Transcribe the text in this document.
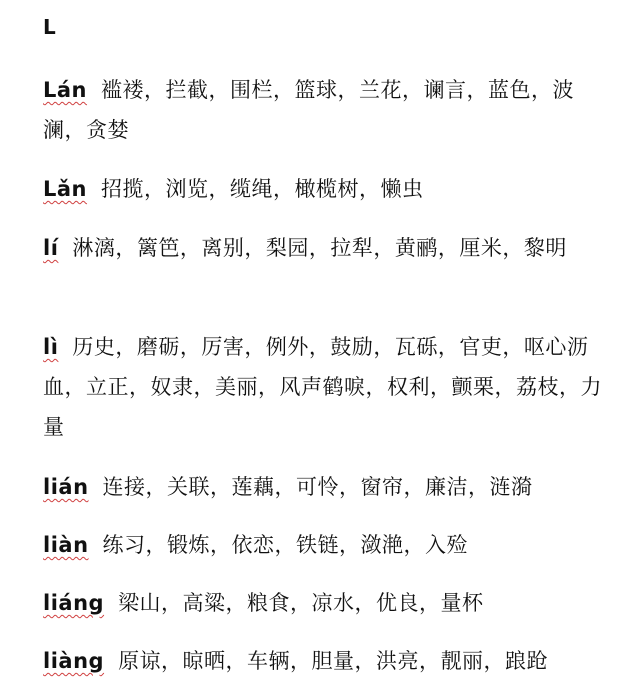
L
Lán 褴褛，拦截，围栏，篮球，兰花，谰言，蓝色，波澜，贪婪
Lǎn 招揽，浏览，缆绳，橄榄树，懒虫
lí 淋漓，篱笆，离别，梨园，拉犁，黄鹂，厘米，黎明
lì 历史，磨砺，厉害，例外，鼓励，瓦砾，官吏，呕心沥血，立正，奴隶，美丽，风声鹤唳，权利，颤栗，荔枝，力量
lián 连接，关联，莲藕，可怜，窗帘，廉洁，涟漪
liàn 练习，锻炼，依恋，铁链，潋滟，入殓
liáng 梁山，高粱，粮食，凉水，优良，量杯
liàng 原谅，晾晒，车辆，胆量，洪亮，靓丽，踉跄
